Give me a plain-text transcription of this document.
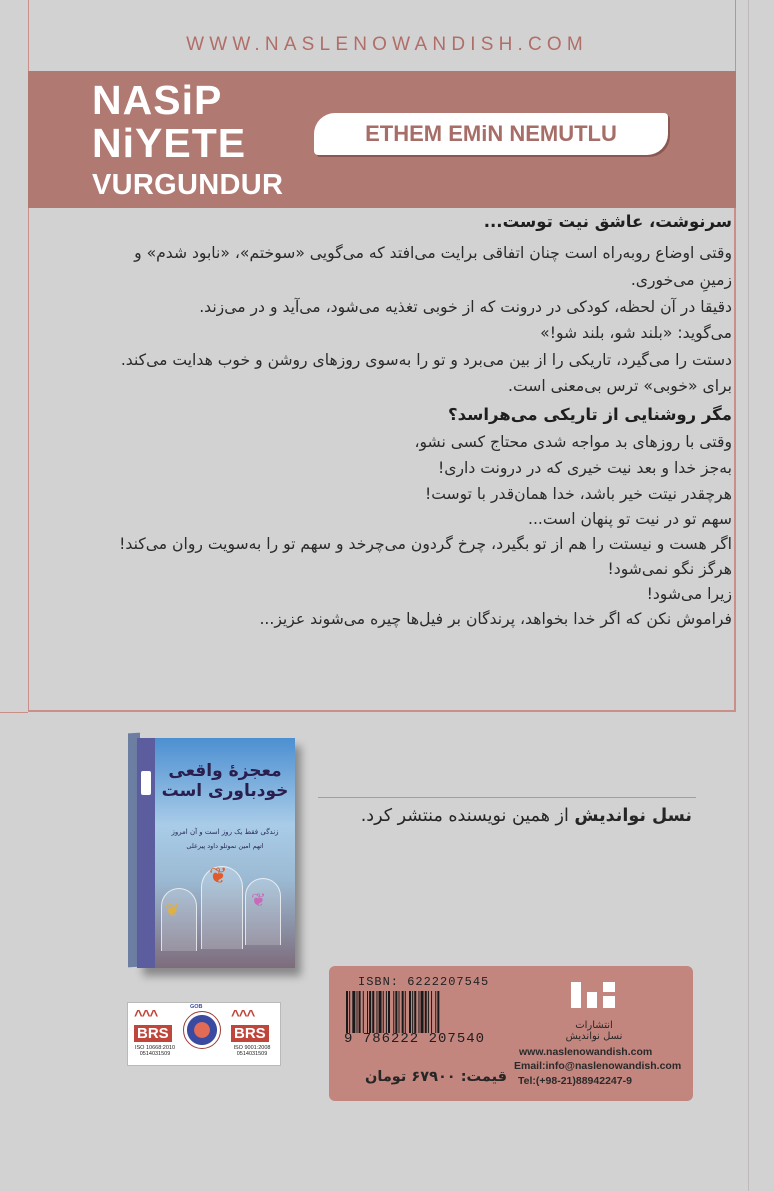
WWW.NASLENOWANDISH.COM
NASiP
NiYETE
VURGUNDUR
ETHEM EMiN NEMUTLU

سرنوشت، عاشق نیت توست...

وقتی اوضاع روبه‌راه است چنان اتفاقی برایت می‌افتد که می‌گویی «سوختم»، «نابود شدم» و

زمینِ می‌خوری.

دقیقا در آن لحظه، کودکی در درونت که از خوبی تغذیه می‌شود، می‌آید و در می‌زند.

می‌گوید: «بلند شو، بلند شو!»

دستت را می‌گیرد، تاریکی را از بین می‌برد و تو را به‌سوی روزهای روشن و خوب هدایت می‌کند.

برای «خوبی» ترس بی‌معنی است.

مگر روشنایی از تاریکی می‌هراسد؟

وقتی با روزهای بد مواجه شدی محتاج کسی نشو،

به‌جز خدا و بعد نیت خیری که در درونت داری!

هرچقدر نیتت خیر باشد، خدا همان‌قدر با توست!

سهم تو در نیت تو پنهان است...

اگر هست و نیستت را هم از تو بگیرد، چرخ گردون می‌چرخد و سهم تو را به‌سویت روان می‌کند!

هرگز نگو نمی‌شود!

زیرا می‌شود!

فراموش نکن که اگر خدا بخواهد، پرندگان بر فیل‌ها چیره می‌شوند عزیز...

معجزهٔ واقعی خودباوری است
زندگی فقط یک روز است و آن امروز
اتهم امین نموتلو داود پیرعلی
❦
❦
❦
نسل نواندیش از همین نویسنده منتشر کرد.
^^^
BRS
ISO 10668:2010
0514031509
GOB ^^^
BRS
ISO 9001:2008
0514031509
ISBN: 6222207545
9 786222 207540
قیمت: ۶۷۹۰۰ تومان
انتشارات
نسل نواندیش
www.naslenowandish.com
Email:info@naslenowandish.com
Tel:(+98-21)88942247-9
